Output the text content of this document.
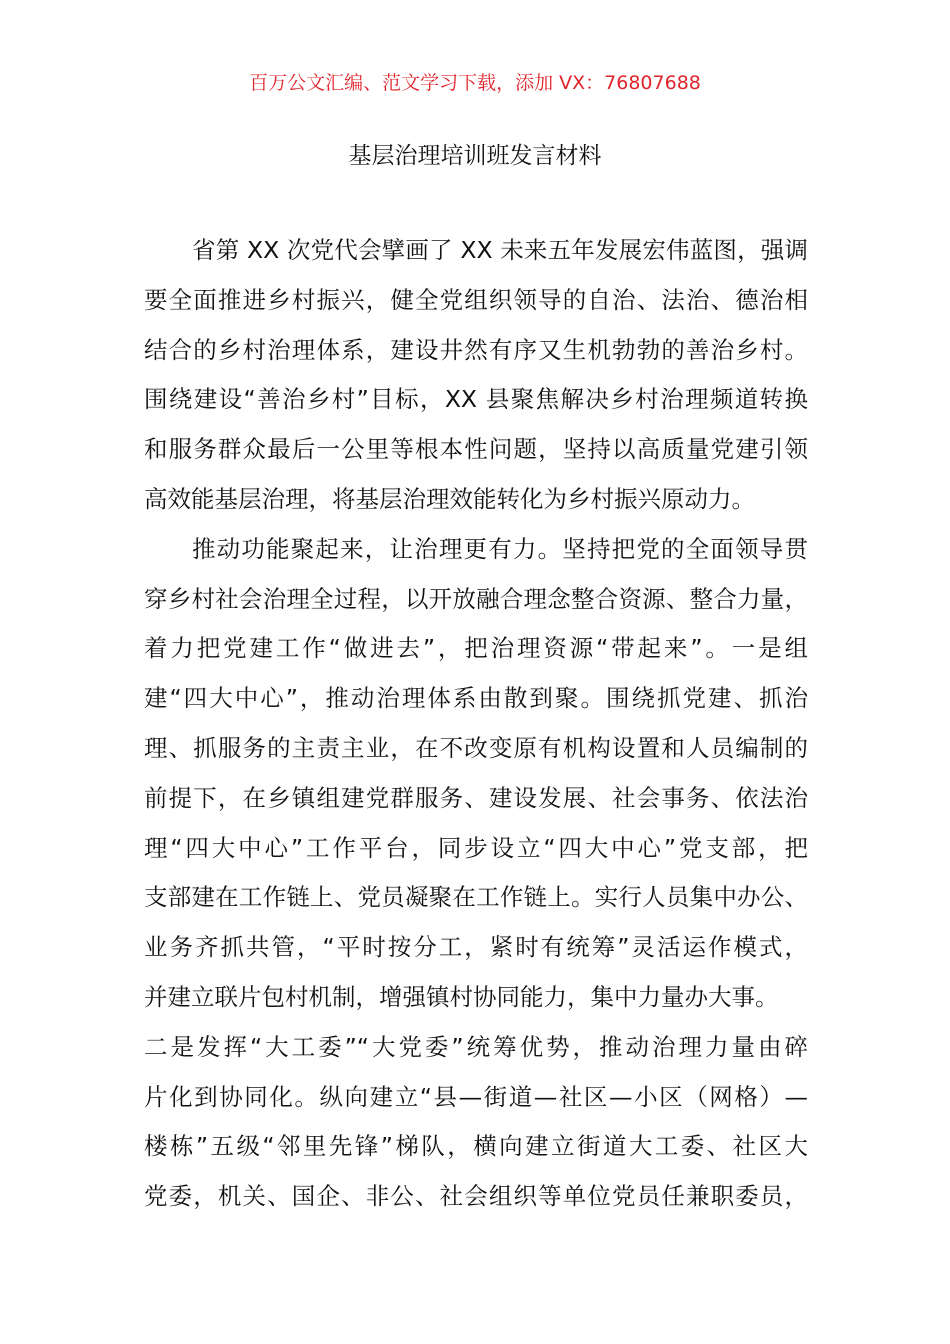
百万公文汇编、范文学习下载，添加 VX：76807688
基层治理培训班发言材料
省第 XX 次党代会擘画了 XX 未来五年发展宏伟蓝图，强调
要全面推进乡村振兴，健全党组织领导的自治、法治、德治相
结合的乡村治理体系，建设井然有序又生机勃勃的善治乡村。
围绕建设“善治乡村”目标，XX 县聚焦解决乡村治理频道转换
和服务群众最后一公里等根本性问题，坚持以高质量党建引领
高效能基层治理，将基层治理效能转化为乡村振兴原动力。
推动功能聚起来，让治理更有力。坚持把党的全面领导贯
穿乡村社会治理全过程，以开放融合理念整合资源、整合力量，
着力把党建工作“做进去”，把治理资源“带起来”。一是组
建“四大中心”，推动治理体系由散到聚。围绕抓党建、抓治
理、抓服务的主责主业，在不改变原有机构设置和人员编制的
前提下，在乡镇组建党群服务、建设发展、社会事务、依法治
理“四大中心”工作平台，同步设立“四大中心”党支部，把
支部建在工作链上、党员凝聚在工作链上。实行人员集中办公、
业务齐抓共管，“平时按分工，紧时有统筹”灵活运作模式，
并建立联片包村机制，增强镇村协同能力，集中力量办大事。
二是发挥“大工委”“大党委”统筹优势，推动治理力量由碎
片化到协同化。纵向建立“县—街道—社区—小区（网格）—
楼栋”五级“邻里先锋”梯队，横向建立街道大工委、社区大
党委，机关、国企、非公、社会组织等单位党员任兼职委员，
